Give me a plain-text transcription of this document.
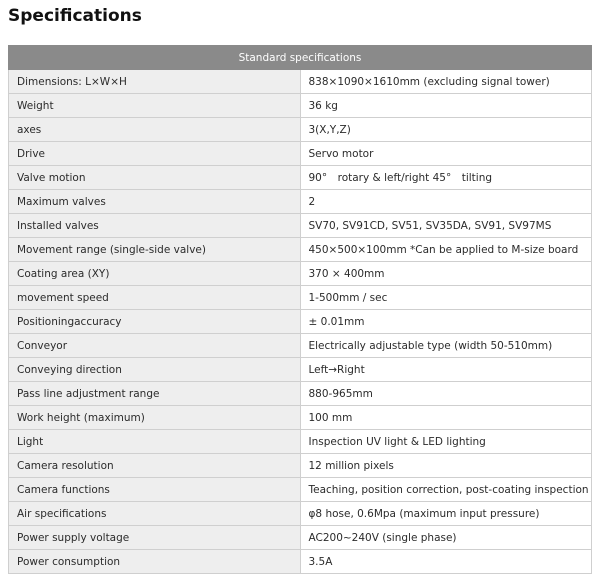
Specifications
Standard specifications	
Dimensions: L×W×H	838×1090×1610mm (excluding signal tower)
Weight	36 kg
axes	3(X,Y,Z)
Drive	Servo motor
Valve motion	90°　rotary & left/right 45°　tilting
Maximum valves	2
Installed valves	SV70, SV91CD, SV51, SV35DA, SV91, SV97MS
Movement range (single-side valve)	450×500×100mm *Can be applied to M-size board
Coating area (XY)	370 × 400mm
movement speed	1-500mm / sec
Positioningaccuracy	± 0.01mm
Conveyor	Electrically adjustable type (width 50-510mm)
Conveying direction	Left→Right
Pass line adjustment range	880-965mm
Work height (maximum)	100 mm
Light	Inspection UV light & LED lighting
Camera resolution	12 million pixels
Camera functions	Teaching, position correction, post-coating inspection
Air specifications	φ8 hose, 0.6Mpa (maximum input pressure)
Power supply voltage	AC200~240V (single phase)
Power consumption	3.5A
